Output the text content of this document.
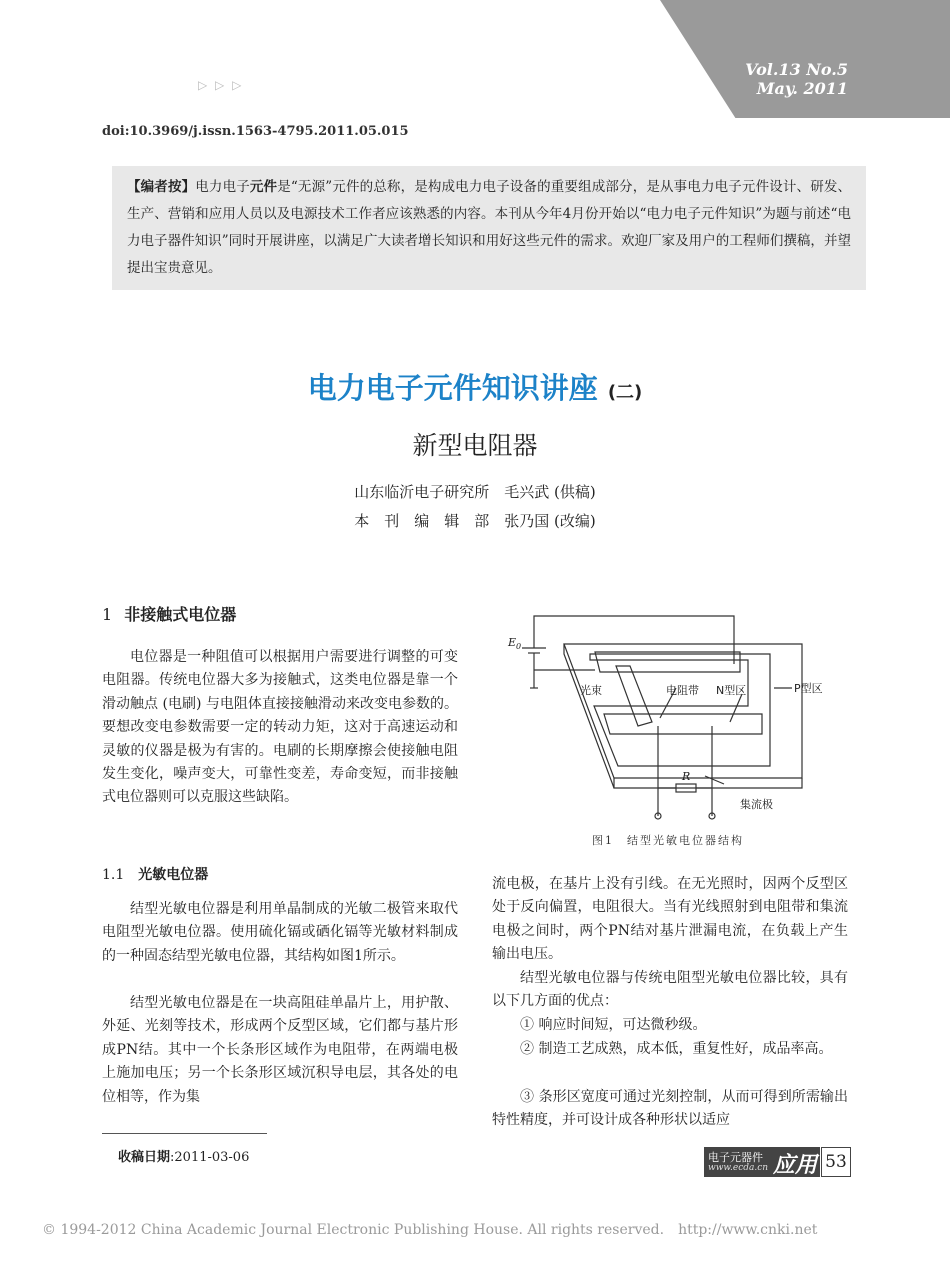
Vol.13 No.5
May. 2011
▷ ▷ ▷
doi:10.3969/j.issn.1563-4795.2011.05.015
【编者按】电力电子元件是“无源”元件的总称，是构成电力电子设备的重要组成部分，是从事电力电子元件设计、研发、生产、营销和应用人员以及电源技术工作者应该熟悉的内容。本刊从今年4月份开始以“电力电子元件知识”为题与前述“电力电子器件知识”同时开展讲座，以满足广大读者增长知识和用好这些元件的需求。欢迎厂家及用户的工程师们撰稿，并望提出宝贵意见。
电力电子元件知识讲座 (二)
新型电阻器
山东临沂电子研究所　毛兴武 (供稿)
本　刊　编　辑　部　张乃国 (改编)
1 非接触式电位器

电位器是一种阻值可以根据用户需要进行调整的可变电阻器。传统电位器大多为接触式，这类电位器是靠一个滑动触点 (电刷) 与电阻体直接接触滑动来改变电参数的。要想改变电参数需要一定的转动力矩，这对于高速运动和灵敏的仪器是极为有害的。电刷的长期摩擦会使接触电阻发生变化，噪声变大，可靠性变差，寿命变短，而非接触式电位器则可以克服这些缺陷。

1.1 光敏电位器

结型光敏电位器是利用单晶制成的光敏二极管来取代电阻型光敏电位器。使用硫化镉或硒化镉等光敏材料制成的一种固态结型光敏电位器，其结构如图1所示。

结型光敏电位器是在一块高阻硅单晶片上，用护散、外延、光刻等技术，形成两个反型区域，它们都与基片形成PN结。其中一个长条形区域作为电阻带，在两端电极上施加电压；另一个长条形区域沉积导电层，其各处的电位相等，作为集

$E_0$
光束	电阻带 N型区	P型区
R
集流极
图1　结型光敏电位器结构

流电极，在基片上没有引线。在无光照时，因两个反型区处于反向偏置，电阻很大。当有光线照射到电阻带和集流电极之间时，两个PN结对基片泄漏电流，在负载上产生输出电压。

结型光敏电位器与传统电阻型光敏电位器比较，具有以下几方面的优点：

① 响应时间短，可达微秒级。

② 制造工艺成熟，成本低，重复性好，成品率高。

③ 条形区宽度可通过光刻控制，从而可得到所需输出特性精度，并可设计成各种形状以适应

收稿日期:2011-03-06	电子元器件
www.ecda.cn 应用 53
© 1994-2012 China Academic Journal Electronic Publishing House. All rights reserved. http://www.cnki.net
